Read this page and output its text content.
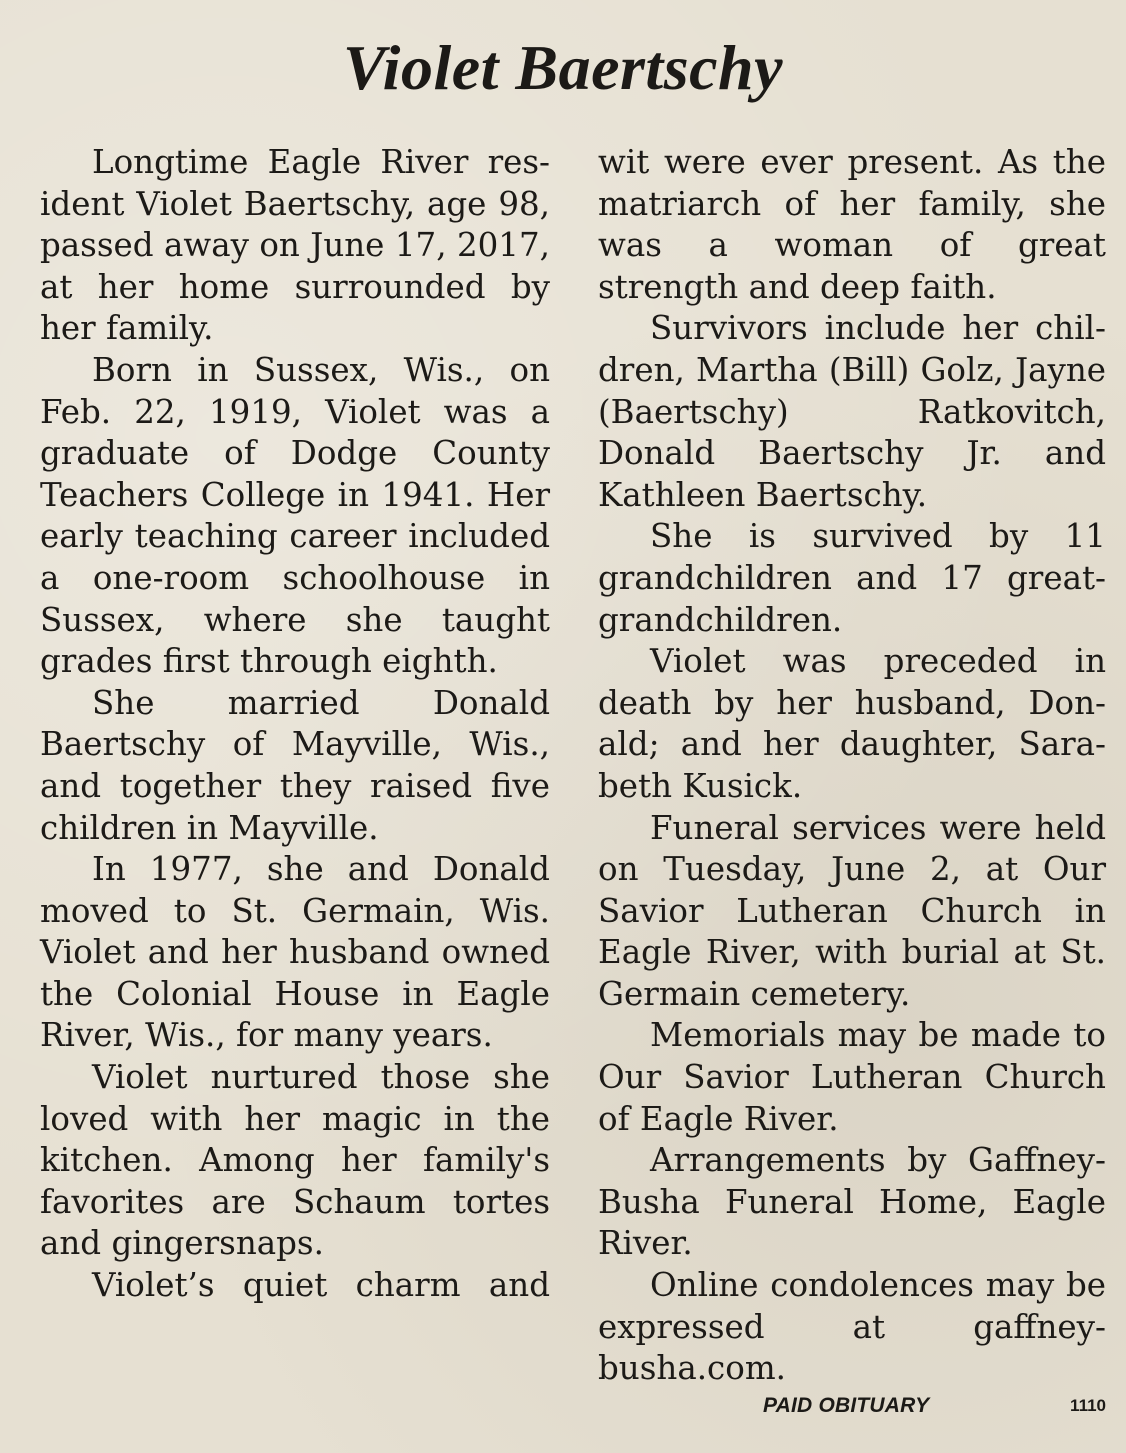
Violet Baertschy

Longtime Eagle River resident Violet Baertschy, age 98, passed away on June 17, 2017, at her home surrounded by her family.

Born in Sussex, Wis., on Feb. 22, 1919, Violet was a graduate of Dodge County Teachers College in 1941. Her early teaching career included a one-room schoolhouse in Sussex, where she taught grades first through eighth.

She married Donald Baertschy of Mayville, Wis., and together they raised five children in Mayville.

In 1977, she and Donald moved to St. Germain, Wis. Violet and her husband owned the Colonial House in Eagle River, Wis., for many years.

Violet nurtured those she loved with her magic in the kitchen. Among her family's favorites are Schaum tortes and gingersnaps.

Violet’s quiet charm and

wit were ever present. As the matriarch of her family, she was a woman of great strength and deep faith.

Survivors include her children, Martha (Bill) Golz, Jayne (Baertschy) Ratkovitch, Donald Baertschy Jr. and Kathleen Baertschy.

She is survived by 11 grandchildren and 17 great-grandchildren.

Violet was preceded in death by her husband, Donald; and her daughter, Sarabeth Kusick.

Funeral services were held on Tuesday, June 2, at Our Savior Lutheran Church in Eagle River, with burial at St. Germain cemetery.

Memorials may be made to Our Savior Lutheran Church of Eagle River.

Arrangements by Gaffney-Busha Funeral Home, Eagle River.

Online condolences may be expressed at gaffney-busha.com.

PAID OBITUARY	1110
